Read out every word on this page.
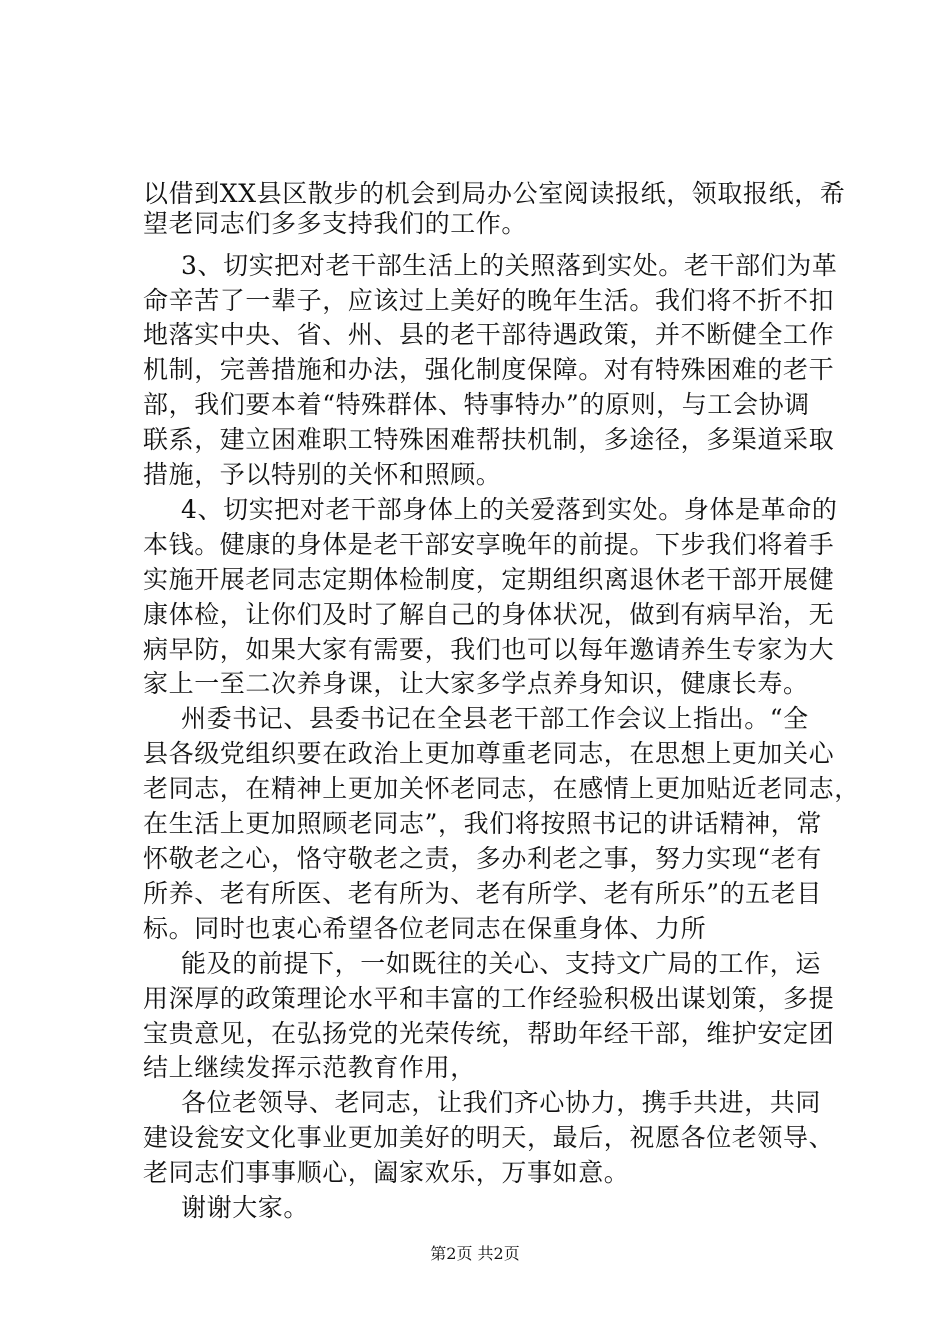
以借到XX县区散步的机会到局办公室阅读报纸，领取报纸，希
望老同志们多多支持我们的工作。
3、切实把对老干部生活上的关照落到实处。老干部们为革
命辛苦了一辈子，应该过上美好的晚年生活。我们将不折不扣
地落实中央、省、州、县的老干部待遇政策，并不断健全工作
机制，完善措施和办法，强化制度保障。对有特殊困难的老干
部，我们要本着“特殊群体、特事特办”的原则，与工会协调
联系，建立困难职工特殊困难帮扶机制，多途径，多渠道采取
措施，予以特别的关怀和照顾。
4、切实把对老干部身体上的关爱落到实处。身体是革命的
本钱。健康的身体是老干部安享晚年的前提。下步我们将着手
实施开展老同志定期体检制度，定期组织离退休老干部开展健
康体检，让你们及时了解自己的身体状况，做到有病早治，无
病早防，如果大家有需要，我们也可以每年邀请养生专家为大
家上一至二次养身课，让大家多学点养身知识，健康长寿。
州委书记、县委书记在全县老干部工作会议上指出。“全
县各级党组织要在政治上更加尊重老同志，在思想上更加关心
老同志，在精神上更加关怀老同志，在感情上更加贴近老同志，
在生活上更加照顾老同志”，我们将按照书记的讲话精神，常
怀敬老之心，恪守敬老之责，多办利老之事，努力实现“老有
所养、老有所医、老有所为、老有所学、老有所乐”的五老目
标。同时也衷心希望各位老同志在保重身体、力所
能及的前提下，一如既往的关心、支持文广局的工作，运
用深厚的政策理论水平和丰富的工作经验积极出谋划策，多提
宝贵意见，在弘扬党的光荣传统，帮助年经干部，维护安定团
结上继续发挥示范教育作用，
各位老领导、老同志，让我们齐心协力，携手共进，共同
建设瓮安文化事业更加美好的明天，最后，祝愿各位老领导、
老同志们事事顺心，阖家欢乐，万事如意。
谢谢大家。
第2页 共2页
